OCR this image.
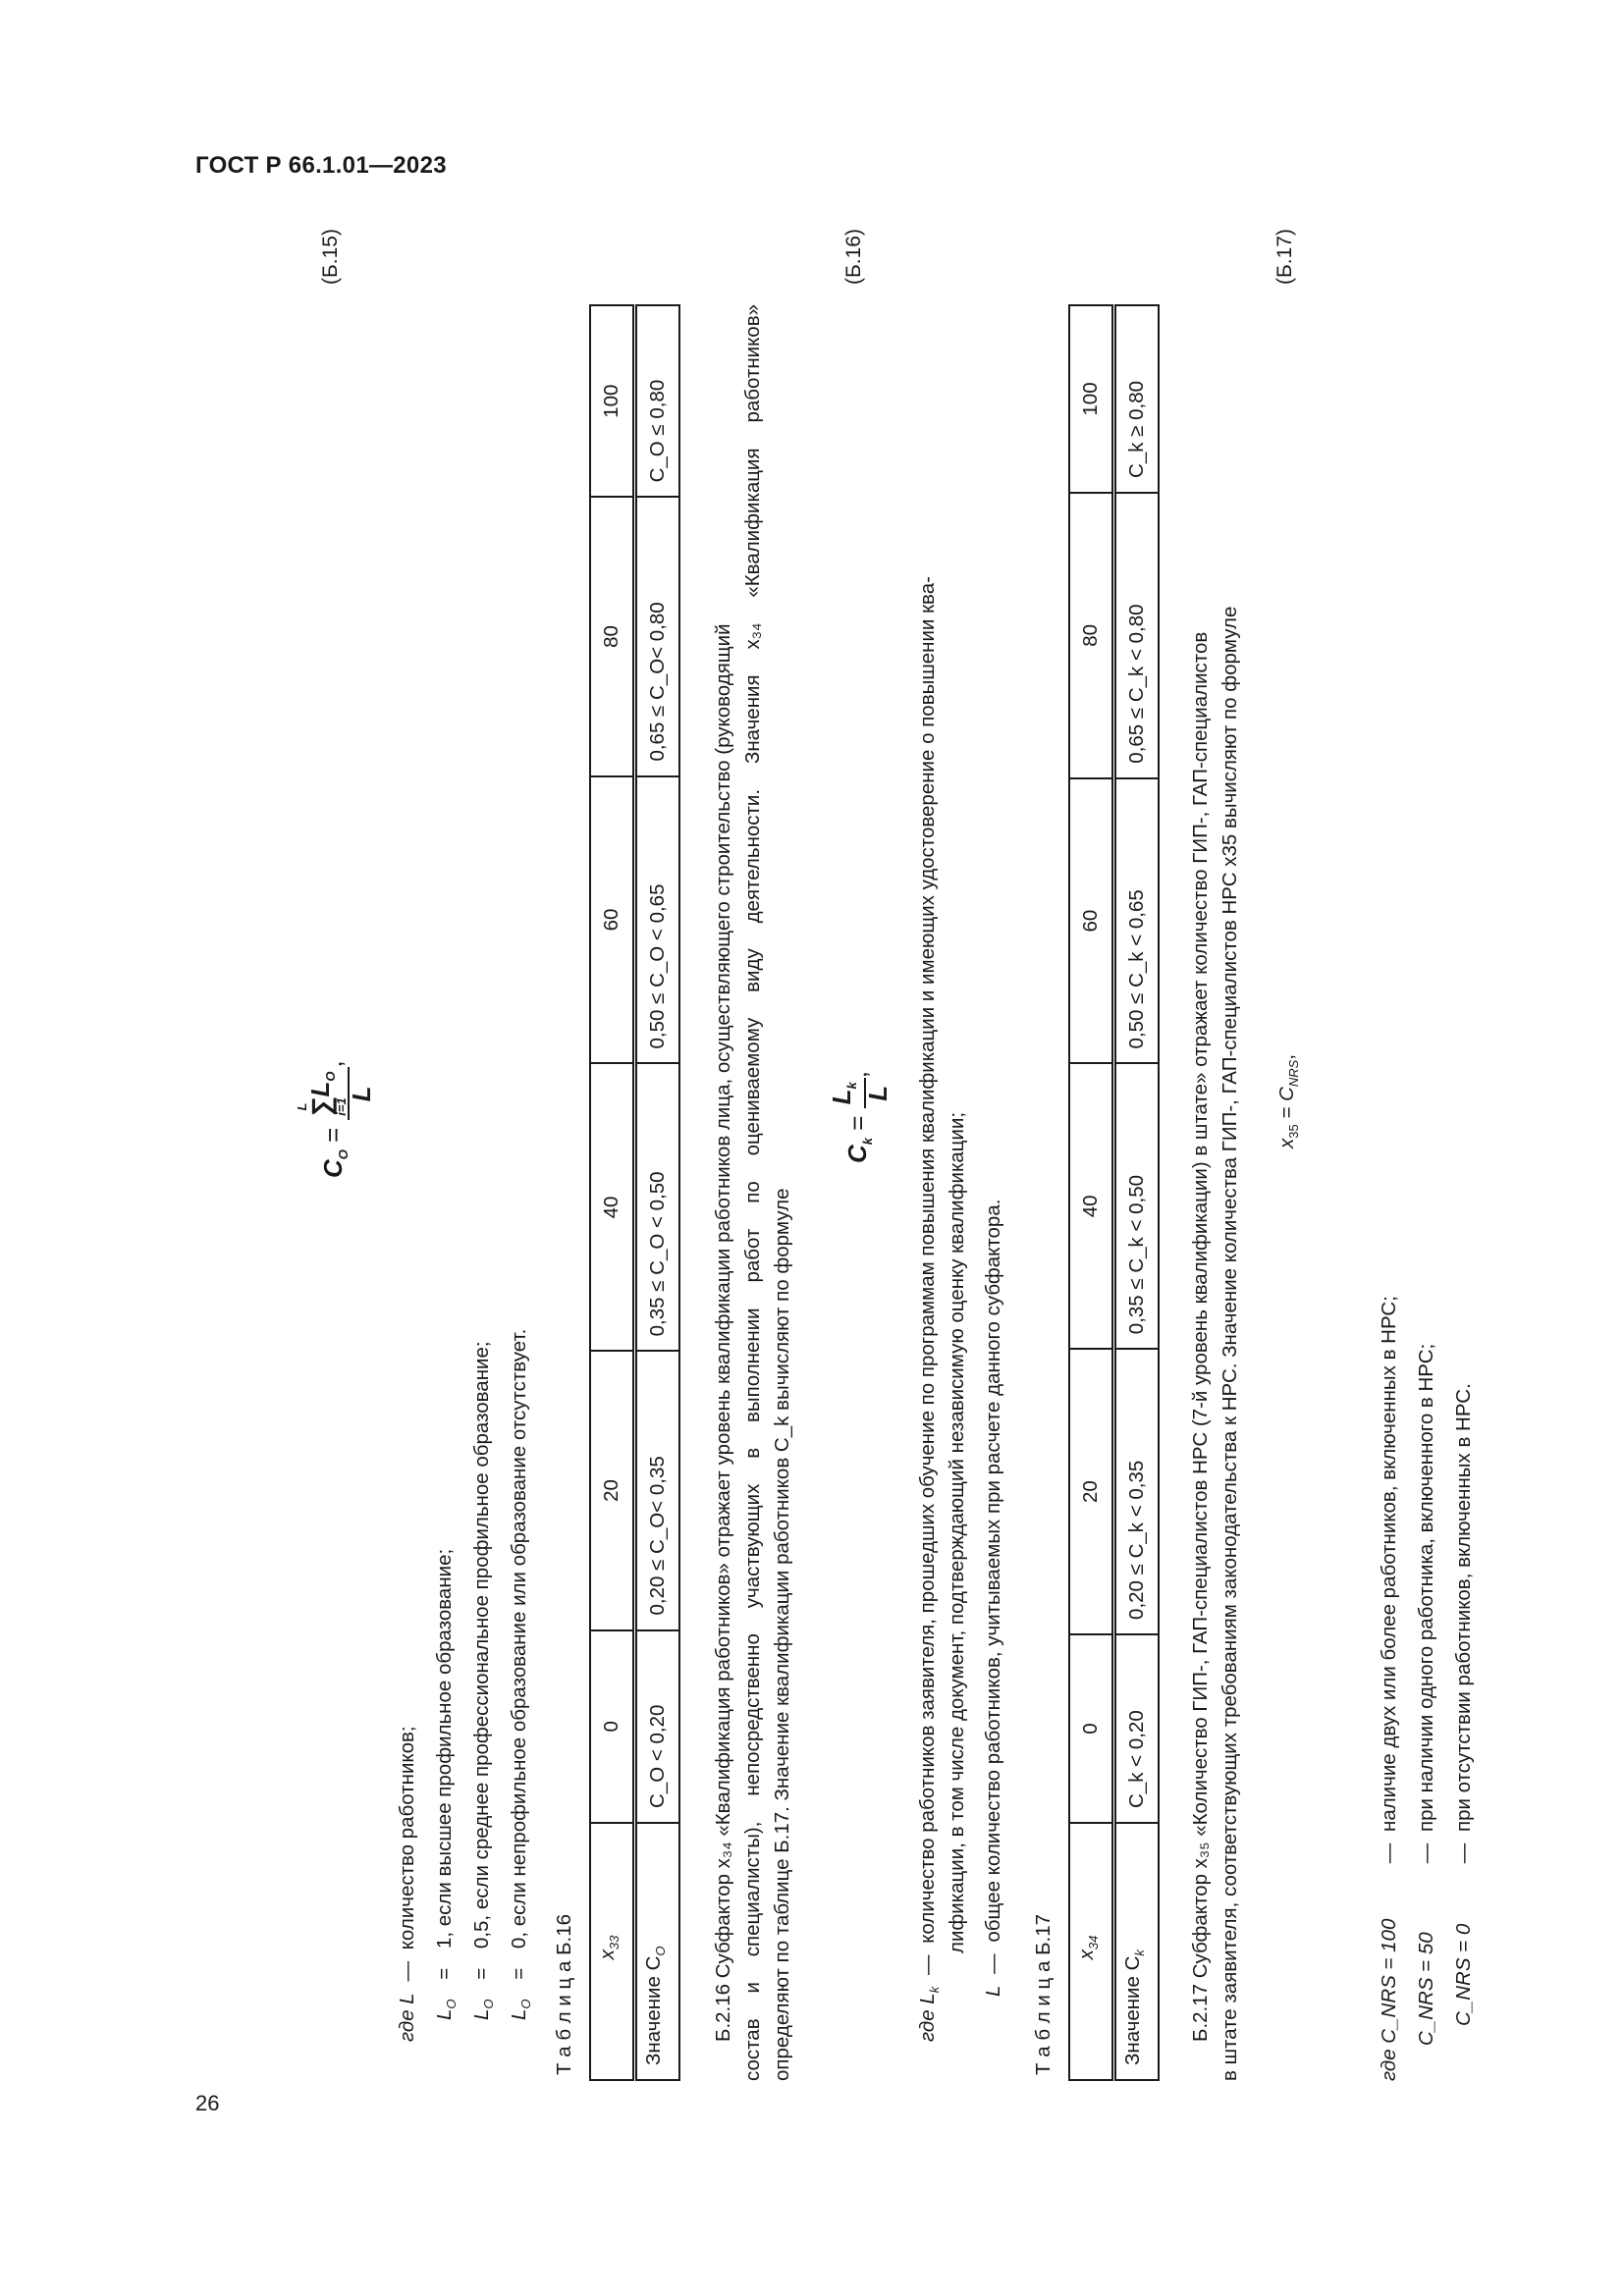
ГОСТ Р 66.1.01—2023
26
$C_O$ =
L
∑
i=1
$L_O$
L
,
(Б.15)
где L—количество работников;
$L_O = 1$, если высшее профильное образование;
$L_O = 0,5$, если среднее профессиональное профильное образование;
$L_O = 0$, если непрофильное образование или образование отсутствует.
Т а б л и ц а Б.16 $x_{33}$	0	20	40	60	80	100
Значение $C_O$	C_O < 0,20	0,20 ≤ C_O< 0,35	0,35 ≤ C_O < 0,50	0,50 ≤ C_O < 0,65	0,65 ≤ C_O< 0,80	C_O ≤ 0,80
Б.2.16 Субфактор x₃₄ «Квалификация работников» отражает уровень квалификации работников лица, осуществляющего строительство (руководящий состав и специалисты), непосредственно участвующих в выполнении работ по оцениваемому виду деятельности. Значения x₃₄ «Квалификация работников» определяют по таблице Б.17. Значение квалификации работников C_k вычисляют по формуле
$C_k$ =
$L_k$
L
,
(Б.16)
где $L_k—количество$ работников заявителя, прошедших обучение по программам повышения квалификации и имеющих удостоверение о повышении ква- лификации, в том числе документ, подтверждающий независимую оценку квалификации;
L—общее количество работников, учитываемых при расчете данного субфактора.
Т а б л и ц а Б.17 $x_{34}$	0	20	40	60	80	100
Значение $C_k$	C_k < 0,20	0,20 ≤ C_k < 0,35	0,35 ≤ C_k < 0,50	0,50 ≤ C_k < 0,65	0,65 ≤ C_k < 0,80	C_k ≥ 0,80
Б.2.17 Субфактор x₃₅ «Количество ГИП-, ГАП-специалистов НРС (7-й уровень квалификации) в штате» отражает количество ГИП-, ГАП-специалистов в штате заявителя, соответствующих требованиям законодательства к НРС. Значение количества ГИП-, ГАП-специалистов НРС x35 вычисляют по формуле $x_{35} = C_{NRS}$,
(Б.17)
где C_NRS = 100—наличие двух или более работников, включенных в НРС;
C_NRS = 50—при наличии одного работника, включенного в НРС;
C_NRS = 0—при отсутствии работников, включенных в НРС.
